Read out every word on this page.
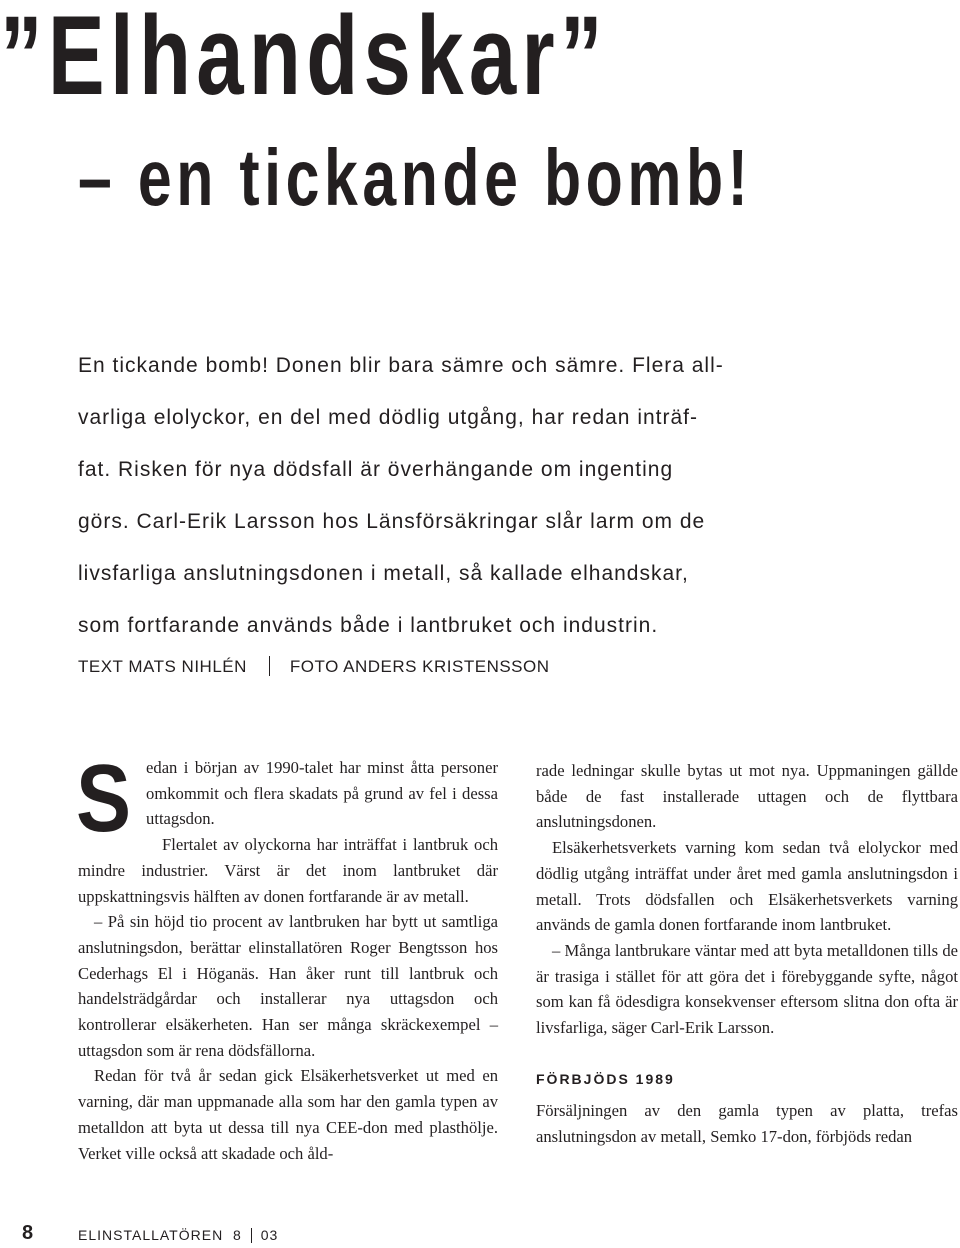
”Elhandskar”
– en tickande bomb!
En tickande bomb! Donen blir bara sämre och sämre. Flera all-
varliga elolyckor, en del med dödlig utgång, har redan inträf-
fat. Risken för nya dödsfall är överhängande om ingenting
görs. Carl-Erik Larsson hos Länsförsäkringar slår larm om de
livsfarliga anslutningsdonen i metall, så kallade elhandskar,
som fortfarande används både i lantbruket och industrin.
TEXT MATS NIHLÉN	FOTO ANDERS KRISTENSSON

Sedan i början av 1990-talet har minst åtta personer omkommit och flera skadats på grund av fel i dessa uttagsdon.

Flertalet av olyckorna har inträffat i lantbruk och mindre industrier. Värst är det inom lantbruket där uppskattningsvis hälften av donen fortfarande är av metall.

– På sin höjd tio procent av lantbruken har bytt ut samtliga anslutningsdon, berättar elinstallatören Roger Bengtsson hos Cederhags El i Höganäs. Han åker runt till lantbruk och handelsträdgårdar och installerar nya uttagsdon och kontrollerar elsäkerheten. Han ser många skräckexempel – uttagsdon som är rena dödsfällorna.

Redan för två år sedan gick Elsäkerhetsverket ut med en varning, där man uppmanade alla som har den gamla typen av metalldon att byta ut dessa till nya CEE-don med plasthölje. Verket ville också att skadade och åld-

rade ledningar skulle bytas ut mot nya. Uppmaningen gällde både de fast installerade uttagen och de flyttbara anslutningsdonen.

Elsäkerhetsverkets varning kom sedan två elolyckor med dödlig utgång inträffat under året med gamla anslutningsdon i metall. Trots dödsfallen och Elsäkerhetsverkets varning används de gamla donen fortfarande inom lantbruket.

– Många lantbrukare väntar med att byta metalldonen tills de är trasiga i stället för att göra det i förebyggande syfte, något som kan få ödesdigra konsekvenser eftersom slitna don ofta är livsfarliga, säger Carl-Erik Larsson.

FÖRBJÖDS 1989

Försäljningen av den gamla typen av platta, trefas anslutningsdon av metall, Semko 17-don, förbjöds redan

8	ELINSTALLATÖREN 8 03
